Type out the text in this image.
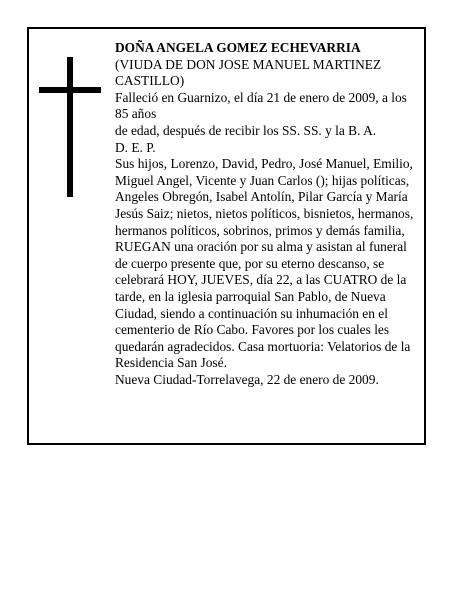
DOÑA ANGELA GOMEZ ECHEVARRIA
(VIUDA DE DON JOSE MANUEL MARTINEZ
CASTILLO)
Falleció en Guarnizo, el día 21 de enero de 2009, a los
85 años
de edad, después de recibir los SS. SS. y la B. A.
D. E. P.
Sus hijos, Lorenzo, David, Pedro, José Manuel, Emilio,
Miguel Angel, Vicente y Juan Carlos (); hijas políticas,
Angeles Obregón, Isabel Antolín, Pilar García y María
Jesús Saiz; nietos, nietos políticos, bisnietos, hermanos,
hermanos políticos, sobrinos, primos y demás familia,
RUEGAN una oración por su alma y asistan al funeral
de cuerpo presente que, por su eterno descanso, se
celebrará HOY, JUEVES, día 22, a las CUATRO de la
tarde, en la iglesia parroquial San Pablo, de Nueva
Ciudad, siendo a continuación su inhumación en el
cementerio de Río Cabo. Favores por los cuales les
quedarán agradecidos. Casa mortuoria: Velatorios de la
Residencia San José.
Nueva Ciudad-Torrelavega, 22 de enero de 2009.
